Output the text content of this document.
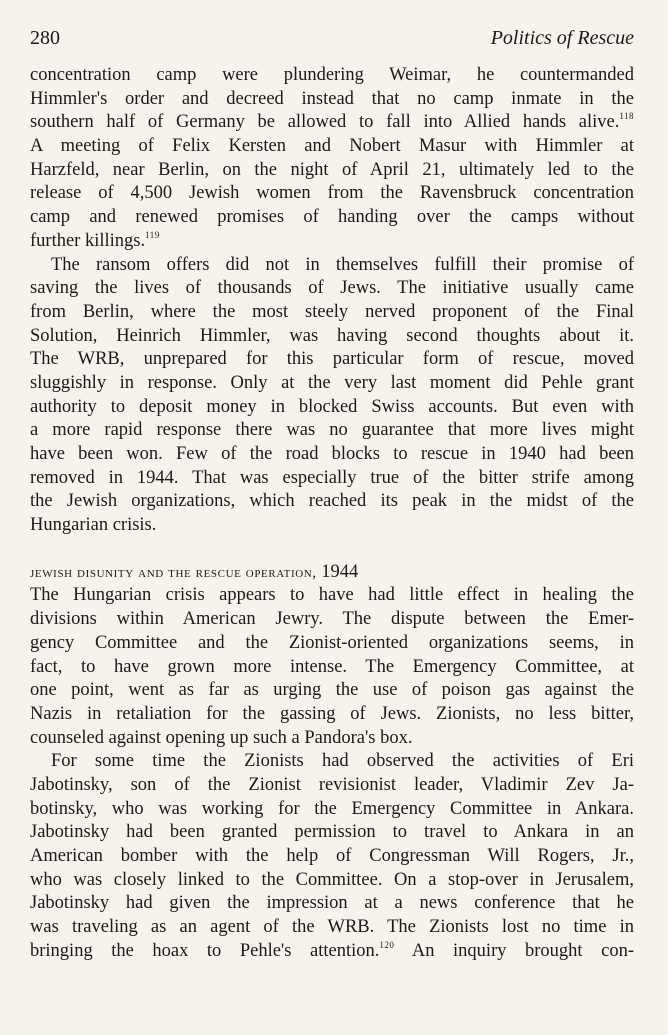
280	Politics of Rescue
concentration camp were plundering Weimar, he countermanded
Himmler's order and decreed instead that no camp inmate in the
southern half of Germany be allowed to fall into Allied hands alive.$^{118}$
A meeting of Felix Kersten and Nobert Masur with Himmler at
Harzfeld, near Berlin, on the night of April 21, ultimately led to the
release of 4,500 Jewish women from the Ravensbruck concentration
camp and renewed promises of handing over the camps without
further killings.$^{119}$
The ransom offers did not in themselves fulfill their promise of
saving the lives of thousands of Jews. The initiative usually came
from Berlin, where the most steely nerved proponent of the Final
Solution, Heinrich Himmler, was having second thoughts about it.
The WRB, unprepared for this particular form of rescue, moved
sluggishly in response. Only at the very last moment did Pehle grant
authority to deposit money in blocked Swiss accounts. But even with
a more rapid response there was no guarantee that more lives might
have been won. Few of the road blocks to rescue in 1940 had been
removed in 1944. That was especially true of the bitter strife among
the Jewish organizations, which reached its peak in the midst of the
Hungarian crisis.
jewish disunity and the rescue operation, 1944
The Hungarian crisis appears to have had little effect in healing the
divisions within American Jewry. The dispute between the Emer-
gency Committee and the Zionist-oriented organizations seems, in
fact, to have grown more intense. The Emergency Committee, at
one point, went as far as urging the use of poison gas against the
Nazis in retaliation for the gassing of Jews. Zionists, no less bitter,
counseled against opening up such a Pandora's box.
For some time the Zionists had observed the activities of Eri
Jabotinsky, son of the Zionist revisionist leader, Vladimir Zev Ja-
botinsky, who was working for the Emergency Committee in Ankara.
Jabotinsky had been granted permission to travel to Ankara in an
American bomber with the help of Congressman Will Rogers, Jr.,
who was closely linked to the Committee. On a stop-over in Jerusalem,
Jabotinsky had given the impression at a news conference that he
was traveling as an agent of the WRB. The Zionists lost no time in
bringing the hoax to Pehle's attention.$^{120}$ An inquiry brought con-
